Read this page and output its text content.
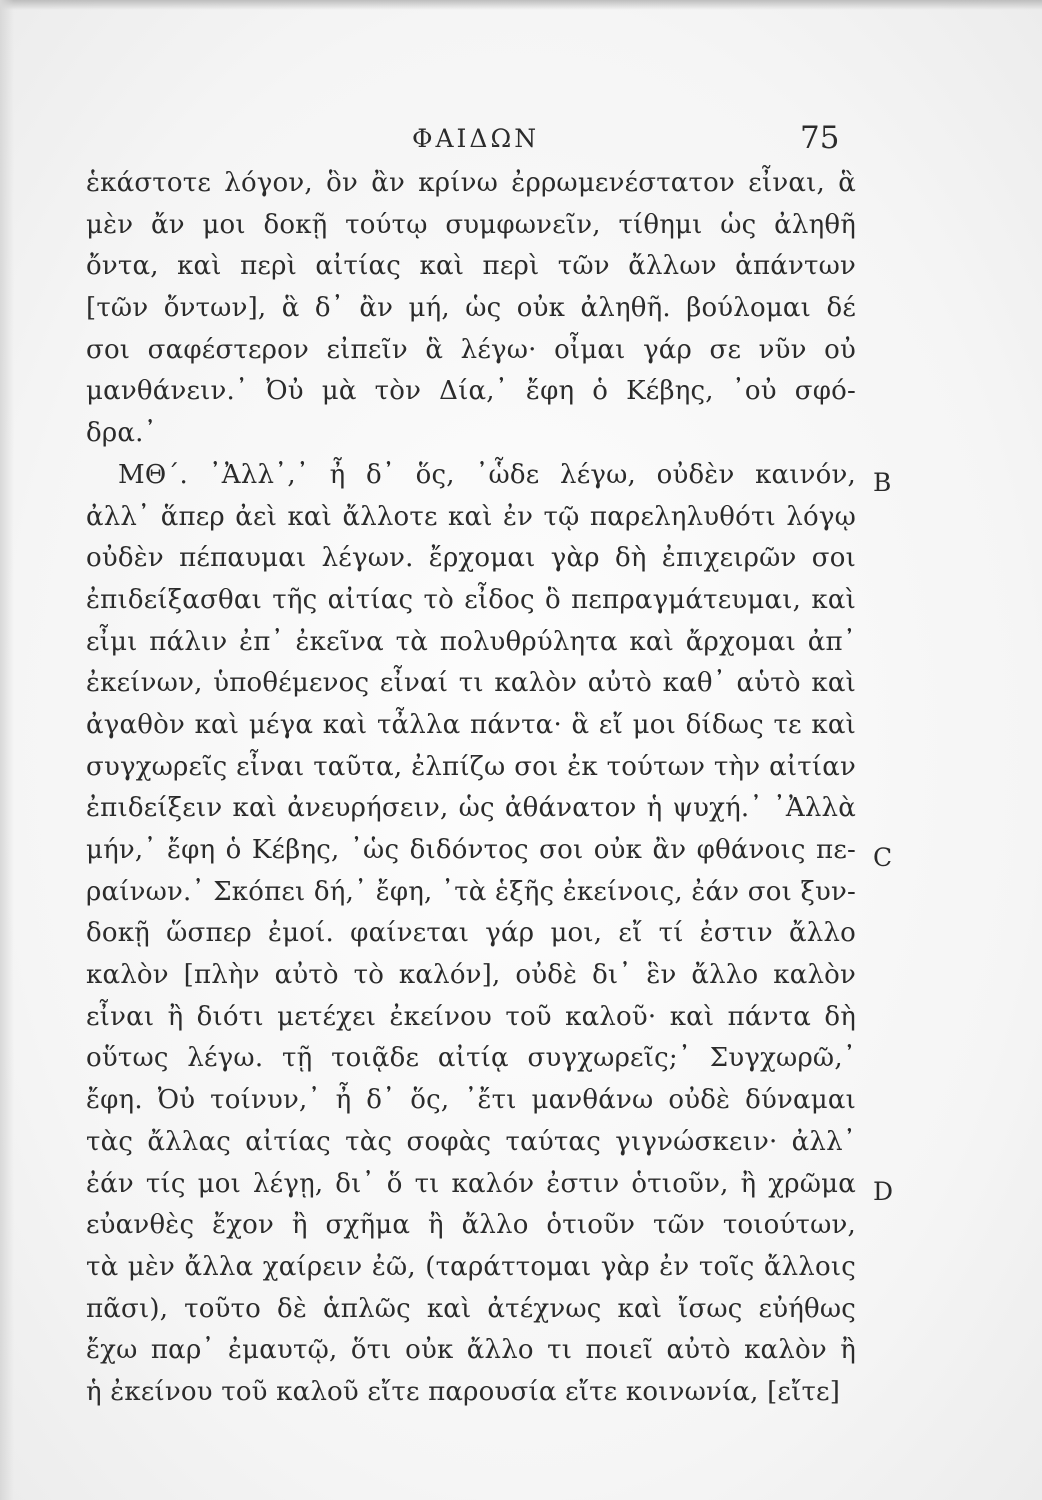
ΦΑΙΔΩΝ	75
ἑκάστοτε λόγον, ὃν ἂν κρίνω ἐρρωμενέστατον εἶναι, ἃ
μὲν ἄν μοι δοκῇ τούτῳ συμφωνεῖν, τίθημι ὡς ἀληθῆ
ὄντα, καὶ περὶ αἰτίας καὶ περὶ τῶν ἄλλων ἁπάντων
[τῶν ὄντων], ἃ δ᾽ ἂν μή, ὡς οὐκ ἀληθῆ. βούλομαι δέ
σοι σαφέστερον εἰπεῖν ἃ λέγω· οἶμαι γάρ σε νῦν οὐ
μανθάνειν.᾽ Ὀὐ μὰ τὸν Δία,᾽ ἔφη ὁ Κέβης, ᾽οὐ σφό-
δρα.᾽
ΜΘ΄. ᾽Ἀλλ᾽,᾽ ἦ δ᾽ ὅς, ᾽ὧδε λέγω, οὐδὲν καινόν,
ἀλλ᾽ ἅπερ ἀεὶ καὶ ἄλλοτε καὶ ἐν τῷ παρεληλυθότι λόγῳ
οὐδὲν πέπαυμαι λέγων. ἔρχομαι γὰρ δὴ ἐπιχειρῶν σοι
ἐπιδείξασθαι τῆς αἰτίας τὸ εἶδος ὃ πεπραγμάτευμαι, καὶ
εἶμι πάλιν ἐπ᾽ ἐκεῖνα τὰ πολυθρύλητα καὶ ἄρχομαι ἀπ᾽
ἐκείνων, ὑποθέμενος εἶναί τι καλὸν αὐτὸ καθ᾽ αὑτὸ καὶ
ἀγαθὸν καὶ μέγα καὶ τἆλλα πάντα· ἃ εἴ μοι δίδως τε καὶ
συγχωρεῖς εἶναι ταῦτα, ἐλπίζω σοι ἐκ τούτων τὴν αἰτίαν
ἐπιδείξειν καὶ ἀνευρήσειν, ὡς ἀθάνατον ἡ ψυχή.᾽ ᾽Ἀλλὰ
μήν,᾽ ἔφη ὁ Κέβης, ᾽ὡς διδόντος σοι οὐκ ἂν φθάνοις πε-
ραίνων.᾽ Σκόπει δή,᾽ ἔφη, ᾽τὰ ἑξῆς ἐκείνοις, ἐάν σοι ξυν-
δοκῇ ὥσπερ ἐμοί. φαίνεται γάρ μοι, εἴ τί ἐστιν ἄλλο
καλὸν [πλὴν αὐτὸ τὸ καλόν], οὐδὲ δι᾽ ἓν ἄλλο καλὸν
εἶναι ἢ διότι μετέχει ἐκείνου τοῦ καλοῦ· καὶ πάντα δὴ
οὕτως λέγω. τῇ τοιᾷδε αἰτίᾳ συγχωρεῖς;᾽ Συγχωρῶ,᾽
ἔφη. Ὀὐ τοίνυν,᾽ ἦ δ᾽ ὅς, ᾽ἔτι μανθάνω οὐδὲ δύναμαι
τὰς ἄλλας αἰτίας τὰς σοφὰς ταύτας γιγνώσκειν· ἀλλ᾽
ἐάν τίς μοι λέγῃ, δι᾽ ὅ τι καλόν ἐστιν ὁτιοῦν, ἢ χρῶμα
εὐανθὲς ἔχον ἢ σχῆμα ἢ ἄλλο ὁτιοῦν τῶν τοιούτων,
τὰ μὲν ἄλλα χαίρειν ἐῶ, (ταράττομαι γὰρ ἐν τοῖς ἄλλοις
πᾶσι), τοῦτο δὲ ἁπλῶς καὶ ἀτέχνως καὶ ἴσως εὐήθως
ἔχω παρ᾽ ἐμαυτῷ, ὅτι οὐκ ἄλλο τι ποιεῖ αὐτὸ καλὸν ἢ
ἡ ἐκείνου τοῦ καλοῦ εἴτε παρουσία εἴτε κοινωνία, [εἴτε]
B
C
D
